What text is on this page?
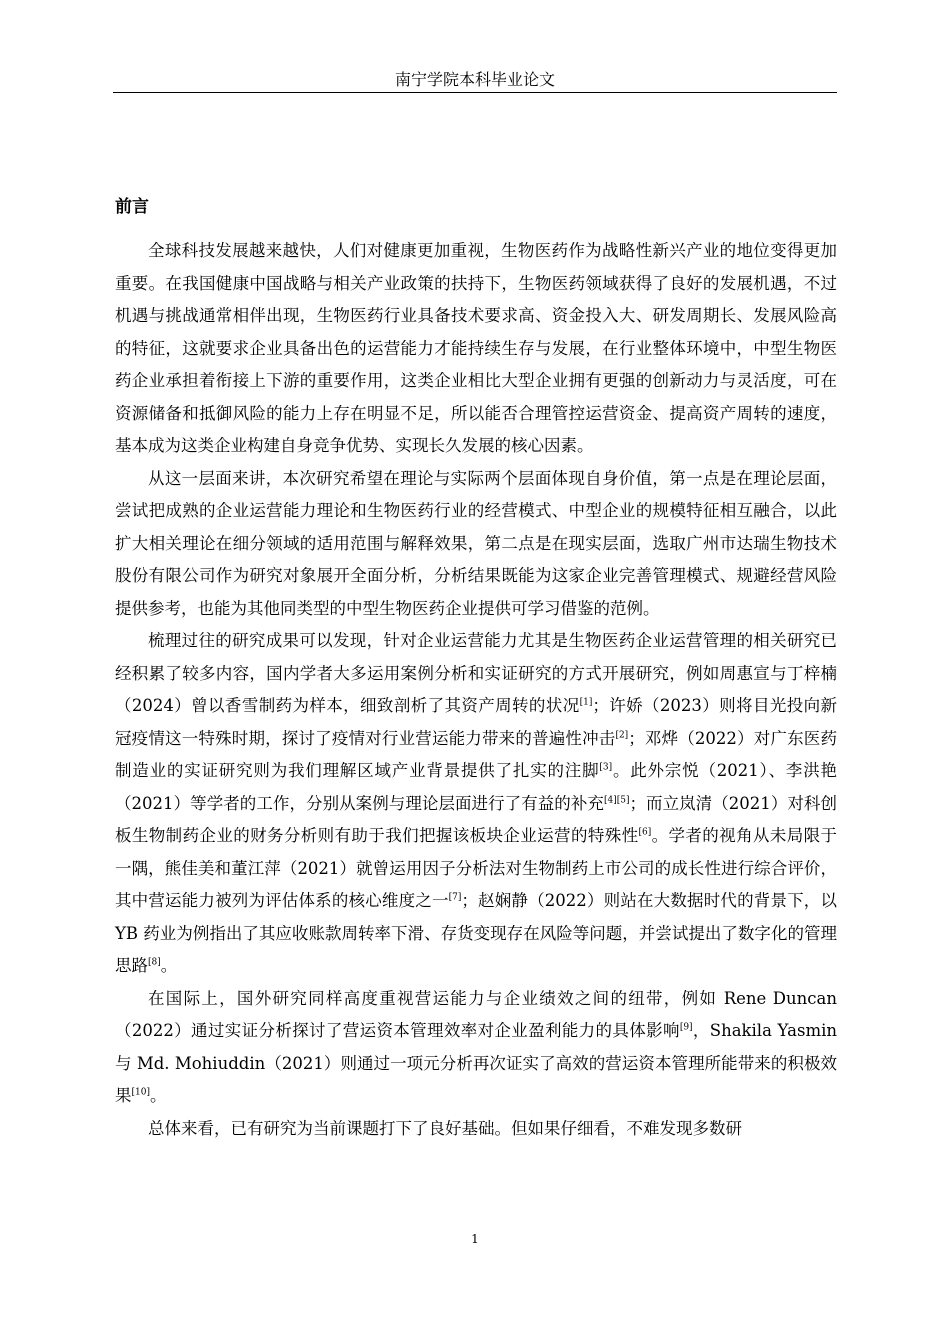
南宁学院本科毕业论文
前言

全球科技发展越来越快，人们对健康更加重视，生物医药作为战略性新兴产业的地位变得更加重要。在我国健康中国战略与相关产业政策的扶持下，生物医药领域获得了良好的发展机遇，不过机遇与挑战通常相伴出现，生物医药行业具备技术要求高、资金投入大、研发周期长、发展风险高的特征，这就要求企业具备出色的运营能力才能持续生存与发展，在行业整体环境中，中型生物医药企业承担着衔接上下游的重要作用，这类企业相比大型企业拥有更强的创新动力与灵活度，可在资源储备和抵御风险的能力上存在明显不足，所以能否合理管控运营资金、提高资产周转的速度，基本成为这类企业构建自身竞争优势、实现长久发展的核心因素。

从这一层面来讲，本次研究希望在理论与实际两个层面体现自身价值，第一点是在理论层面，尝试把成熟的企业运营能力理论和生物医药行业的经营模式、中型企业的规模特征相互融合，以此扩大相关理论在细分领域的适用范围与解释效果，第二点是在现实层面，选取广州市达瑞生物技术股份有限公司作为研究对象展开全面分析，分析结果既能为这家企业完善管理模式、规避经营风险提供参考，也能为其他同类型的中型生物医药企业提供可学习借鉴的范例。

梳理过往的研究成果可以发现，针对企业运营能力尤其是生物医药企业运营管理的相关研究已经积累了较多内容，国内学者大多运用案例分析和实证研究的方式开展研究，例如周惠宣与丁梓楠（2024）曾以香雪制药为样本，细致剖析了其资产周转的状况[1]；许娇（2023）则将目光投向新冠疫情这一特殊时期，探讨了疫情对行业营运能力带来的普遍性冲击[2]；邓烨（2022）对广东医药制造业的实证研究则为我们理解区域产业背景提供了扎实的注脚[3]。此外宗悦（2021）、李洪艳（2021）等学者的工作，分别从案例与理论层面进行了有益的补充[4][5]；而立岚清（2021）对科创板生物制药企业的财务分析则有助于我们把握该板块企业运营的特殊性[6]。学者的视角从未局限于一隅，熊佳美和董江萍（2021）就曾运用因子分析法对生物制药上市公司的成长性进行综合评价，其中营运能力被列为评估体系的核心维度之一[7]；赵娴静（2022）则站在大数据时代的背景下，以 YB 药业为例指出了其应收账款周转率下滑、存货变现存在风险等问题，并尝试提出了数字化的管理思路[8]。

在国际上，国外研究同样高度重视营运能力与企业绩效之间的纽带，例如 Rene Duncan（2022）通过实证分析探讨了营运资本管理效率对企业盈利能力的具体影响[9]，Shakila Yasmin 与 Md. Mohiuddin（2021）则通过一项元分析再次证实了高效的营运资本管理所能带来的积极效果[10]。

总体来看，已有研究为当前课题打下了良好基础。但如果仔细看，不难发现多数研

1
